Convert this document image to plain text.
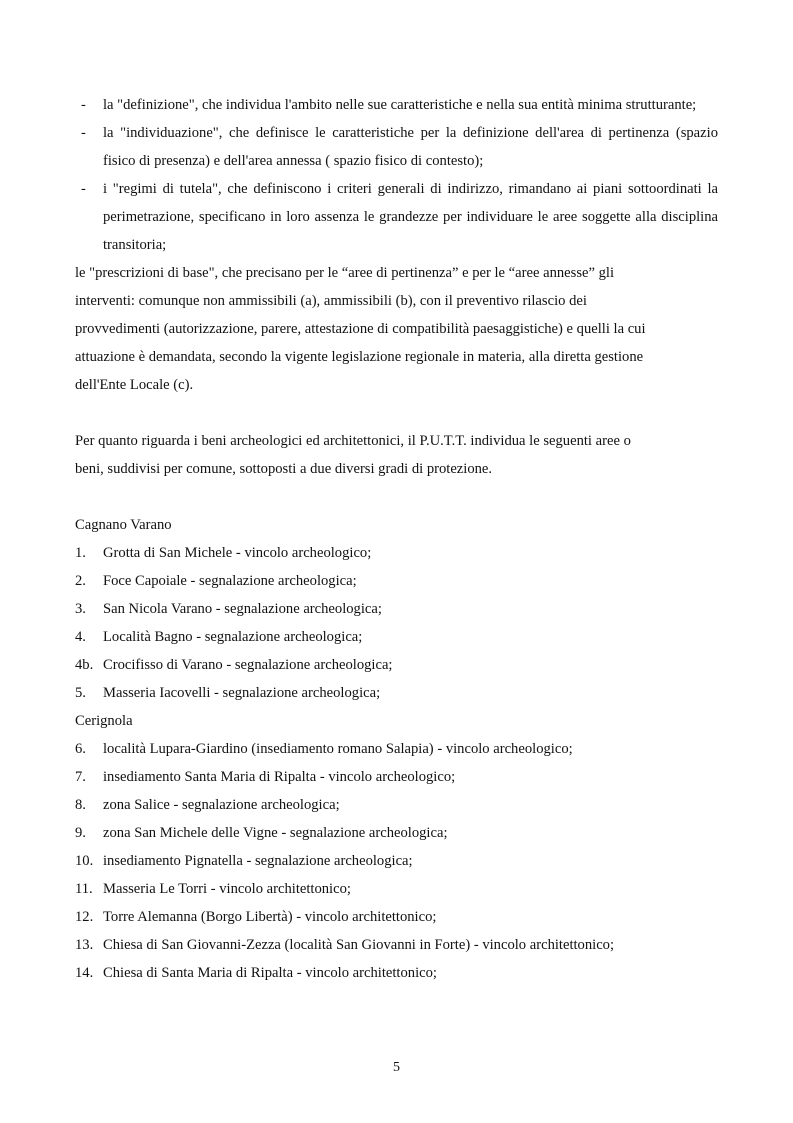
-	la "definizione", che individua l'ambito nelle sue caratteristiche e nella sua entità minima strutturante;
-	la "individuazione", che definisce le caratteristiche per la definizione dell'area di pertinenza (spazio fisico di presenza) e dell'area annessa ( spazio fisico di contesto);
-	i "regimi di tutela", che definiscono i criteri generali di indirizzo, rimandano ai piani sottoordinati la perimetrazione, specificano in loro assenza le grandezze per individuare le aree soggette alla disciplina transitoria;
le "prescrizioni di base", che precisano per le “aree di pertinenza” e per le “aree annesse” gli
interventi: comunque non ammissibili (a), ammissibili (b), con il preventivo rilascio dei
provvedimenti (autorizzazione, parere, attestazione di compatibilità paesaggistiche) e quelli la cui
attuazione è demandata, secondo la vigente legislazione regionale in materia, alla diretta gestione
dell'Ente Locale (c).
Per quanto riguarda i beni archeologici ed architettonici, il P.U.T.T. individua le seguenti aree o
beni, suddivisi per comune, sottoposti a due diversi gradi di protezione.
Cagnano Varano
1.	Grotta di San Michele - vincolo archeologico;
2.	Foce Capoiale - segnalazione archeologica;
3.	San Nicola Varano - segnalazione archeologica;
4.	Località Bagno - segnalazione archeologica;
4b. Crocifisso di Varano - segnalazione archeologica;
5.	Masseria Iacovelli - segnalazione archeologica;
Cerignola
6.	località Lupara-Giardino (insediamento romano Salapia) - vincolo archeologico;
7.	insediamento Santa Maria di Ripalta - vincolo archeologico;
8.	zona Salice - segnalazione archeologica;
9.	zona San Michele delle Vigne - segnalazione archeologica;
10. insediamento Pignatella - segnalazione archeologica;
11. Masseria Le Torri - vincolo architettonico;
12. Torre Alemanna (Borgo Libertà) - vincolo architettonico;
13. Chiesa di San Giovanni-Zezza (località San Giovanni in Forte) - vincolo architettonico;
14. Chiesa di Santa Maria di Ripalta - vincolo architettonico;
5
